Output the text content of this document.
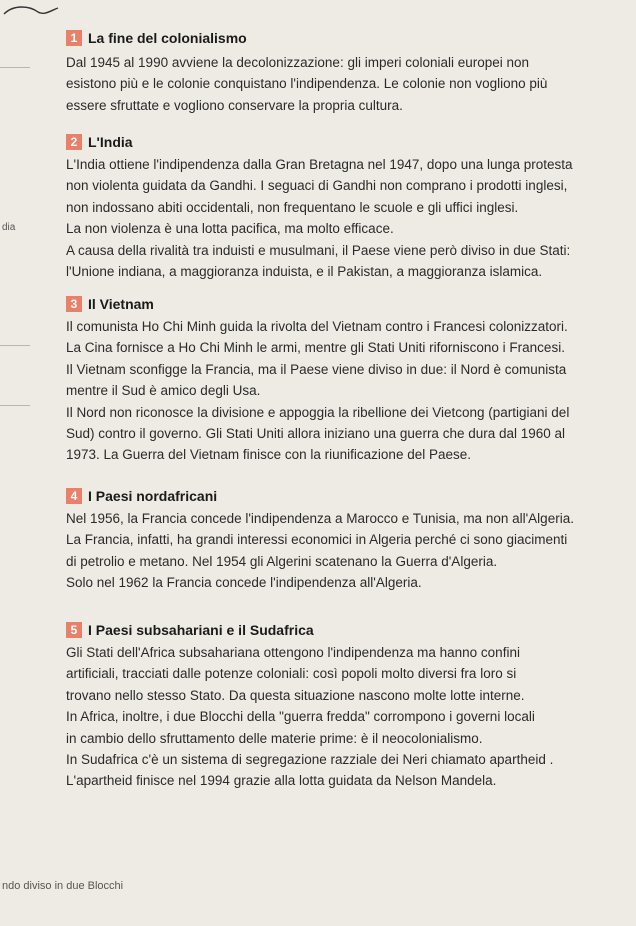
dia
ndo diviso in due Blocchi
1 La fine del colonialismo

Dal 1945 al 1990 avviene la decolonizzazione: gli imperi coloniali europei non

esistono più e le colonie conquistano l'indipendenza. Le colonie non vogliono più

essere sfruttate e vogliono conservare la propria cultura.

2 L'India

L'India ottiene l'indipendenza dalla Gran Bretagna nel 1947, dopo una lunga protesta

non violenta guidata da Gandhi. I seguaci di Gandhi non comprano i prodotti inglesi,

non indossano abiti occidentali, non frequentano le scuole e gli uffici inglesi.

La non violenza è una lotta pacifica, ma molto efficace.

A causa della rivalità tra induisti e musulmani, il Paese viene però diviso in due Stati:

l'Unione indiana, a maggioranza induista, e il Pakistan, a maggioranza islamica.

3 Il Vietnam

Il comunista Ho Chi Minh guida la rivolta del Vietnam contro i Francesi colonizzatori.

La Cina fornisce a Ho Chi Minh le armi, mentre gli Stati Uniti riforniscono i Francesi.

Il Vietnam sconfigge la Francia, ma il Paese viene diviso in due: il Nord è comunista

mentre il Sud è amico degli Usa.

Il Nord non riconosce la divisione e appoggia la ribellione dei Vietcong (partigiani del

Sud) contro il governo. Gli Stati Uniti allora iniziano una guerra che dura dal 1960 al

1973. La Guerra del Vietnam finisce con la riunificazione del Paese.

4 I Paesi nordafricani

Nel 1956, la Francia concede l'indipendenza a Marocco e Tunisia, ma non all'Algeria.

La Francia, infatti, ha grandi interessi economici in Algeria perché ci sono giacimenti

di petrolio e metano. Nel 1954 gli Algerini scatenano la Guerra d'Algeria.

Solo nel 1962 la Francia concede l'indipendenza all'Algeria.

5 I Paesi subsahariani e il Sudafrica

Gli Stati dell'Africa subsahariana ottengono l'indipendenza ma hanno confini

artificiali, tracciati dalle potenze coloniali: così popoli molto diversi fra loro si

trovano nello stesso Stato. Da questa situazione nascono molte lotte interne.

In Africa, inoltre, i due Blocchi della "guerra fredda" corrompono i governi locali

in cambio dello sfruttamento delle materie prime: è il neocolonialismo.

In Sudafrica c'è un sistema di segregazione razziale dei Neri chiamato apartheid .

L'apartheid finisce nel 1994 grazie alla lotta guidata da Nelson Mandela.
